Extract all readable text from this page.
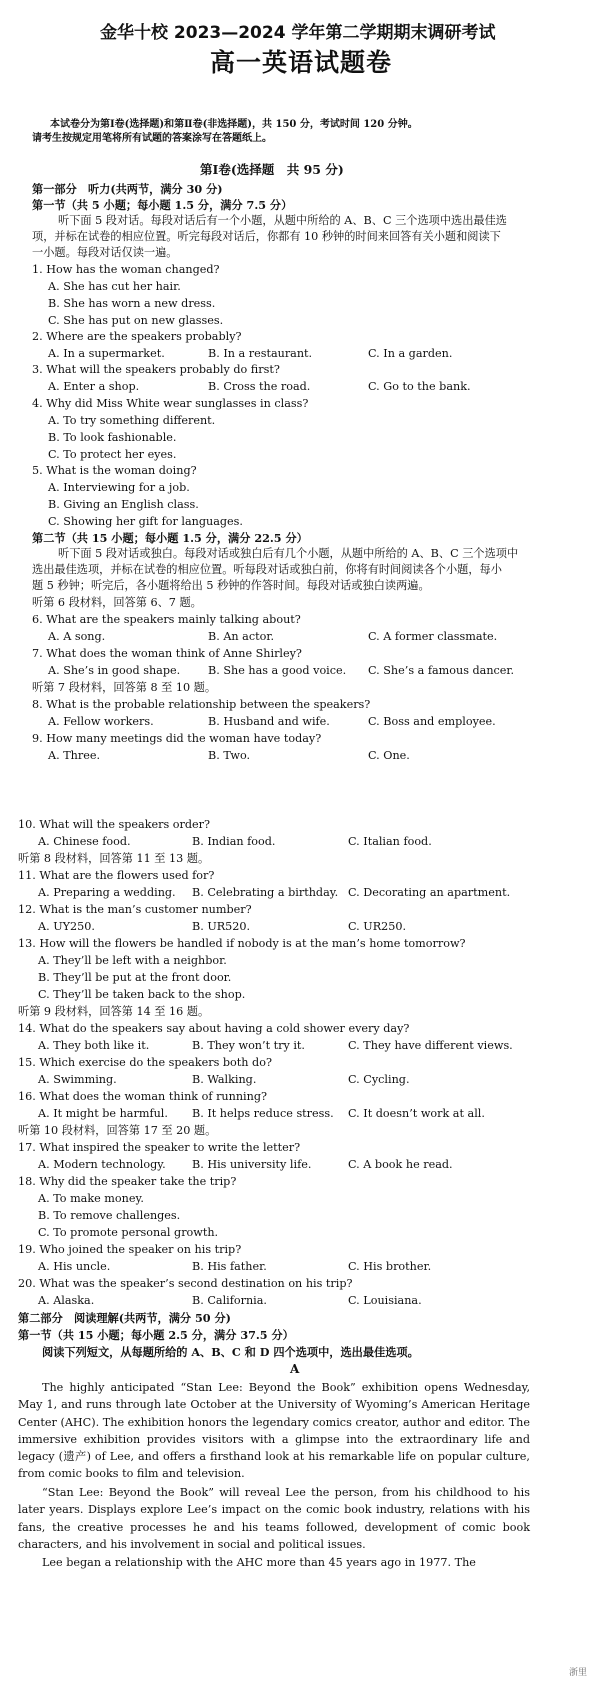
金华十校 2023—2024 学年第二学期期末调研考试
高一英语试题卷
本试卷分为第Ⅰ卷(选择题)和第Ⅱ卷(非选择题)，共 150 分，考试时间 120 分钟。
请考生按规定用笔将所有试题的答案涂写在答题纸上。
第Ⅰ卷(选择题　共 95 分)
第一部分　听力(共两节，满分 30 分)
第一节（共 5 小题；每小题 1.5 分，满分 7.5 分）
听下面 5 段对话。每段对话后有一个小题，从题中所给的 A、B、C 三个选项中选出最佳选
项，并标在试卷的相应位置。听完每段对话后，你都有 10 秒钟的时间来回答有关小题和阅读下
一小题。每段对话仅读一遍。
1. How has the woman changed?
A. She has cut her hair.
B. She has worn a new dress.
C. She has put on new glasses.
2. Where are the speakers probably?
A. In a supermarket.	B. In a restaurant.	C. In a garden.
3. What will the speakers probably do first?
A. Enter a shop.	B. Cross the road.	C. Go to the bank.
4. Why did Miss White wear sunglasses in class?
A. To try something different.
B. To look fashionable.
C. To protect her eyes.
5. What is the woman doing?
A. Interviewing for a job.
B. Giving an English class.
C. Showing her gift for languages.
第二节（共 15 小题；每小题 1.5 分，满分 22.5 分）
听下面 5 段对话或独白。每段对话或独白后有几个小题，从题中所给的 A、B、C 三个选项中
选出最佳选项，并标在试卷的相应位置。听每段对话或独白前，你将有时间阅读各个小题，每小
题 5 秒钟；听完后，各小题将给出 5 秒钟的作答时间。每段对话或独白读两遍。
听第 6 段材料，回答第 6、7 题。
6. What are the speakers mainly talking about?
A. A song.	B. An actor.	C. A former classmate.
7. What does the woman think of Anne Shirley?
A. She’s in good shape. B. She has a good voice. C. She’s a famous dancer.
听第 7 段材料，回答第 8 至 10 题。
8. What is the probable relationship between the speakers?
A. Fellow workers.	B. Husband and wife.	C. Boss and employee.
9. How many meetings did the woman have today?
A. Three.	B. Two.	C. One.
10. What will the speakers order?
A. Chinese food.	B. Indian food.	C. Italian food.
听第 8 段材料，回答第 11 至 13 题。
11. What are the flowers used for?
A. Preparing a wedding. B. Celebrating a birthday. C. Decorating an apartment.
12. What is the man’s customer number?
A. UY250.	B. UR520.	C. UR250.
13. How will the flowers be handled if nobody is at the man’s home tomorrow?
A. They’ll be left with a neighbor.
B. They’ll be put at the front door.
C. They’ll be taken back to the shop.
听第 9 段材料，回答第 14 至 16 题。
14. What do the speakers say about having a cold shower every day?
A. They both like it.	B. They won’t try it.	C. They have different views.
15. Which exercise do the speakers both do?
A. Swimming.	B. Walking.	C. Cycling.
16. What does the woman think of running?
A. It might be harmful. B. It helps reduce stress. C. It doesn’t work at all.
听第 10 段材料，回答第 17 至 20 题。
17. What inspired the speaker to write the letter?
A. Modern technology. B. His university life.	C. A book he read.
18. Why did the speaker take the trip?
A. To make money.
B. To remove challenges.
C. To promote personal growth.
19. Who joined the speaker on his trip?
A. His uncle.	B. His father.	C. His brother.
20. What was the speaker’s second destination on his trip?
A. Alaska.	B. California.	C. Louisiana.
第二部分　阅读理解(共两节，满分 50 分)
第一节（共 15 小题；每小题 2.5 分，满分 37.5 分）
阅读下列短文，从每题所给的 A、B、C 和 D 四个选项中，选出最佳选项。
A
The highly anticipated “Stan Lee: Beyond the Book” exhibition opens Wednesday, May 1, and runs through late October at the University of Wyoming’s American Heritage Center (AHC). The exhibition honors the legendary comics creator, author and editor. The immersive exhibition provides visitors with a glimpse into the extraordinary life and legacy (遗产) of Lee, and offers a firsthand look at his remarkable life on popular culture, from comic books to film and television.
“Stan Lee: Beyond the Book” will reveal Lee the person, from his childhood to his later years. Displays explore Lee’s impact on the comic book industry, relations with his fans, the creative processes he and his teams followed, development of comic book characters, and his involvement in social and political issues.
Lee began a relationship with the AHC more than 45 years ago in 1977. The
浙里
